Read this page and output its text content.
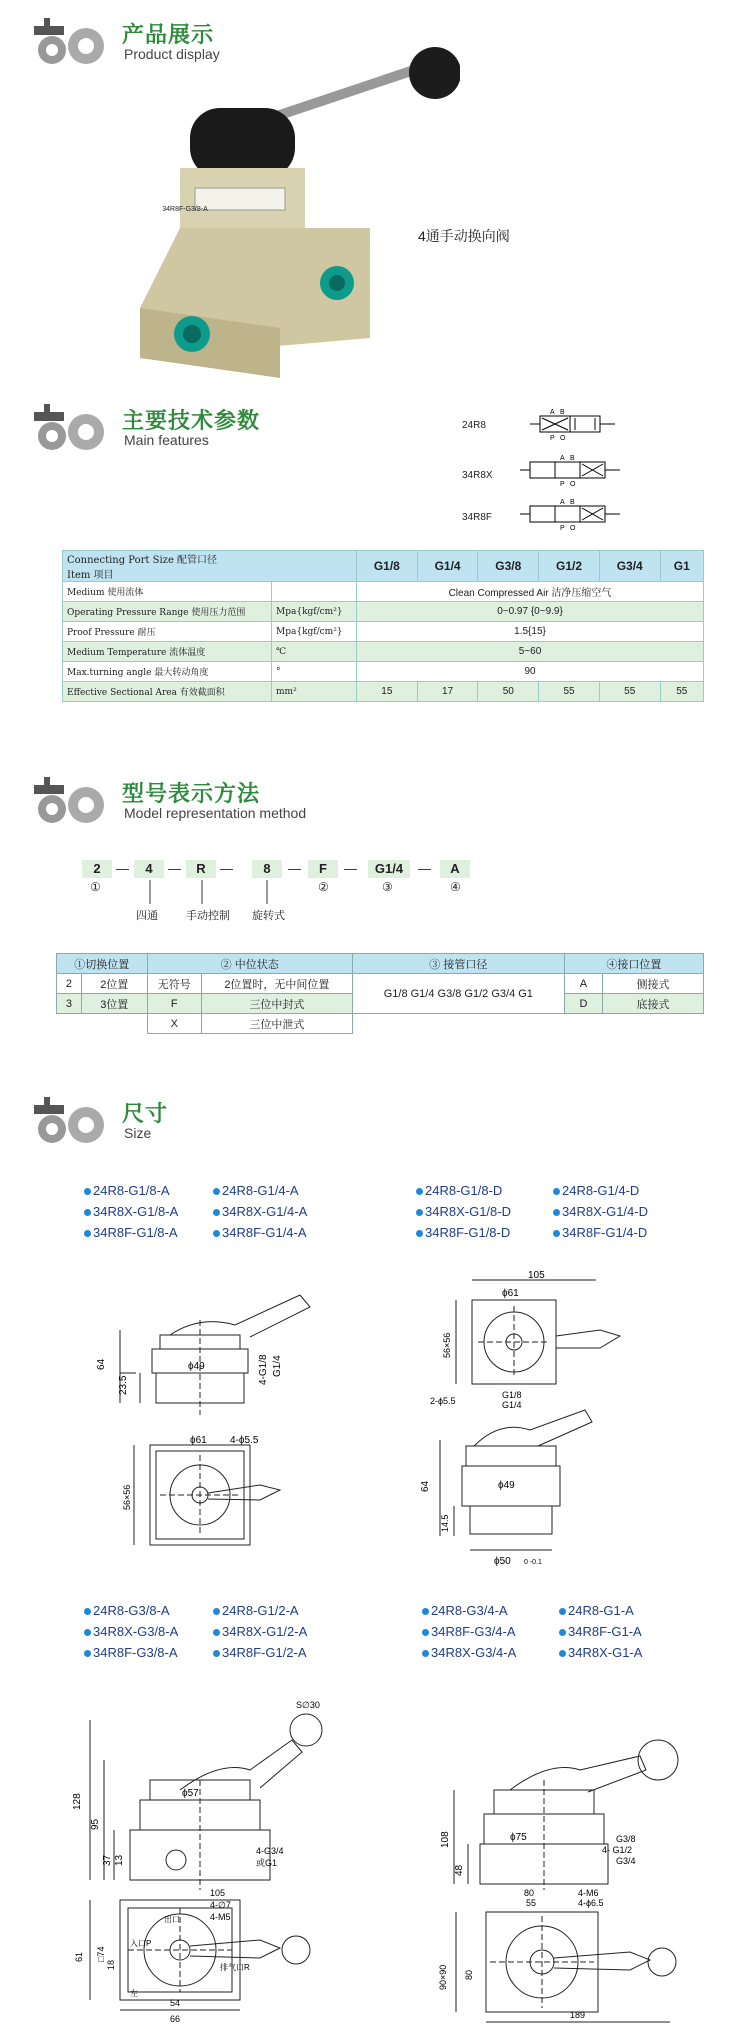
产品展示
Product display
34R8F-G3/8-A
4通手动换向阀
主要技术参数
Main features
24R8
34R8X
34R8F
A B
P O
A B
P O
A B
P O
Connecting Port Size 配管口径
Item 项目		G1/8	G1/4	G3/8	G1/2	G3/4	G1
Medium 使用流体		Clean Compressed Air 洁净压缩空气					
Operating Pressure Range 使用压力范围	Mpa{kgf/cm²}	0~0.97 {0~9.9}					
Proof Pressure 耐压	Mpa{kgf/cm²}	1.5{15}					
Medium Temperature 流体温度	℃	5~60					
Max.turning angle 最大转动角度	°	90					
Effective Sectional Area 有效截面积	mm²	15	17	50	55	55	55
型号表示方法
Model representation method
2	—	4	—	R	—	8	—	F	—	G1/4	—	A
①	②	③	④
四通	手动控制 旋转式
①切换位置		② 中位状态		③ 接管口径	④接口位置	
2	2位置	无符号	2位置时，无中间位置	G1/8 G1/4 G3/8 G1/2 G3/4 G1	A	侧接式
3	3位置	F	三位中封式		D	底接式
		X	三位中泄式			
尺寸
Size
24R8-G1/8-A	24R8-G1/4-A
34R8X-G1/8-A	34R8X-G1/4-A
34R8F-G1/8-A	34R8F-G1/4-A
24R8-G1/8-D	24R8-G1/4-D
34R8X-G1/8-D	34R8X-G1/4-D
34R8F-G1/8-D	34R8F-G1/4-D
24R8-G3/8-A	24R8-G1/2-A
34R8X-G3/8-A	34R8X-G1/2-A
34R8F-G3/8-A	34R8F-G1/2-A
24R8-G3/4-A	24R8-G1-A
34R8F-G3/4-A	34R8F-G1-A
34R8X-G3/4-A	34R8X-G1-A
64
23.5
ϕ49	4-G1/8 G1/4
ϕ61 4-ϕ5.5
56×56
105
ϕ61
56×56
2-ϕ5.5
G1/8
G1/4
64
14.5
ϕ49
ϕ50 0 -0.1
S∅30
128
95
ϕ57
37 13
4-G3/4
或G1
105
4-∅7
4-M5
□74
61
18
54
66
出口
入口P
排气口R
左
108	ϕ75
48
G3/8
4- G1/2
G3/4
80
55
4-M6
4-ϕ6.5
90×90 80
189
